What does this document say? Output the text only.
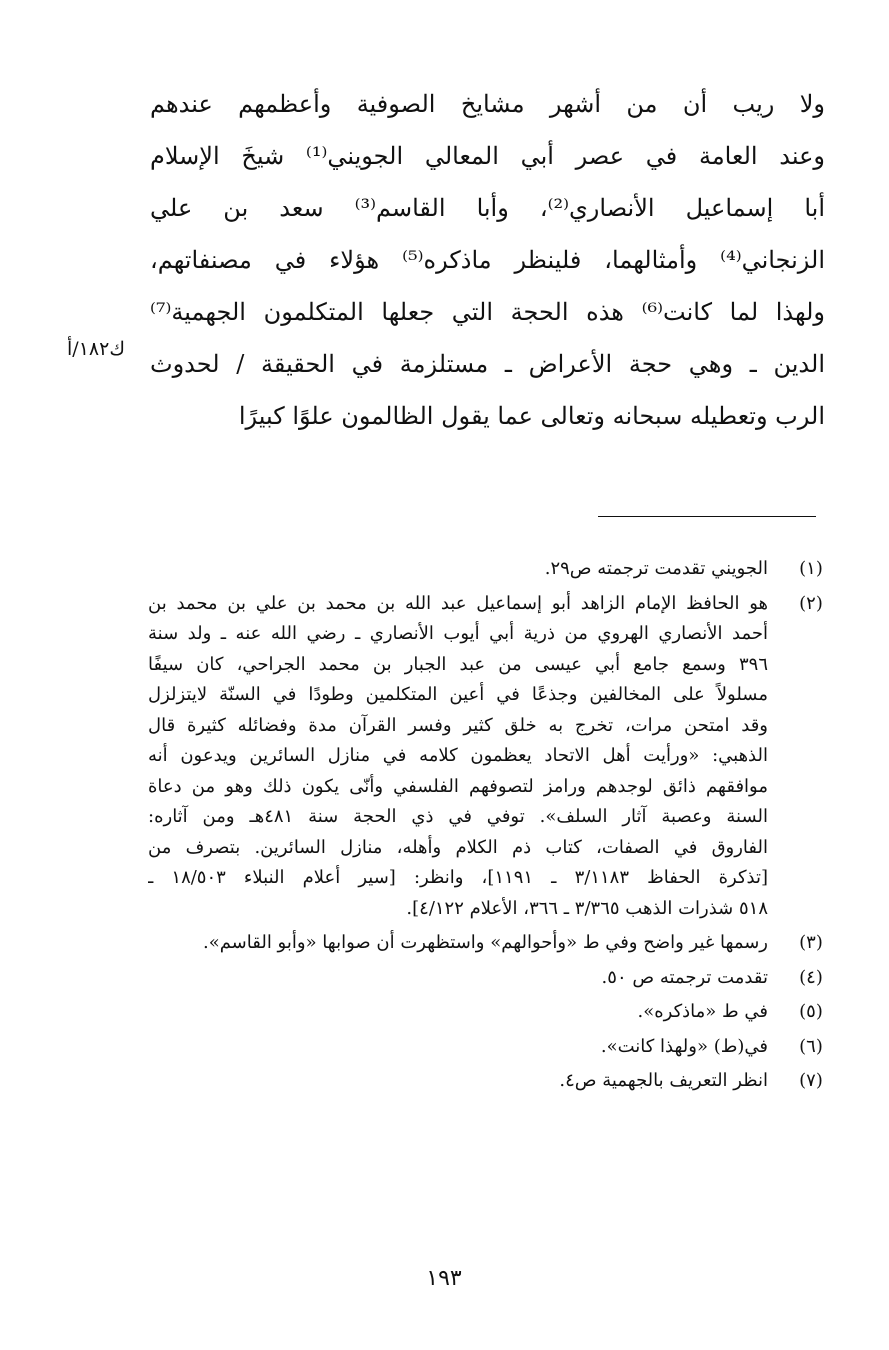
ولا ريب أن من أشهر مشايخ الصوفية وأعظمهم عندهم
وعند العامة في عصر أبي المعالي الجويني⁽¹⁾ شيخَ الإسلام
أبا إسماعيل الأنصاري⁽²⁾، وأبا القاسم⁽³⁾ سعد بن علي
الزنجاني⁽⁴⁾ وأمثالهما، فلينظر ماذكره⁽⁵⁾ هؤلاء في مصنفاتهم،
ولهذا لما كانت⁽⁶⁾ هذه الحجة التي جعلها المتكلمون الجهمية⁽⁷⁾
الدين ـ وهي حجة الأعراض ـ مستلزمة في الحقيقة / لحدوث
الرب وتعطيله سبحانه وتعالى عما يقول الظالمون علوًا كبيرًا
ك١٨٢/أ
(١)
الجويني تقدمت ترجمته ص٢٩.
(٢)
هو الحافظ الإمام الزاهد أبو إسماعيل عبد الله بن محمد بن علي بن محمد بن
أحمد الأنصاري الهروي من ذرية أبي أيوب الأنصاري ـ رضي الله عنه ـ ولد سنة
٣٩٦ وسمع جامع أبي عيسى من عبد الجبار بن محمد الجراحي، كان سيفًا
مسلولاً على المخالفين وجذعًا في أعين المتكلمين وطودًا في السنّة لايتزلزل
وقد امتحن مرات، تخرج به خلق كثير وفسر القرآن مدة وفضائله كثيرة قال
الذهبي: «ورأيت أهل الاتحاد يعظمون كلامه في منازل السائرين ويدعون أنه
موافقهم ذائق لوجدهم ورامز لتصوفهم الفلسفي وأنّى يكون ذلك وهو من دعاة
السنة وعصبة آثار السلف». توفي في ذي الحجة سنة ٤٨١هـ ومن آثاره:
الفاروق في الصفات، كتاب ذم الكلام وأهله، منازل السائرين. بتصرف من
[تذكرة الحفاظ ٣/١١٨٣ ـ ١١٩١]، وانظر: [سير أعلام النبلاء ١٨/٥٠٣ ـ
٥١٨ شذرات الذهب ٣/٣٦٥ ـ ٣٦٦، الأعلام ٤/١٢٢].
(٣)
رسمها غير واضح وفي ط «وأحوالهم» واستظهرت أن صوابها «وأبو القاسم».
(٤)
تقدمت ترجمته ص ٥٠.
(٥)
في ط «ماذكره».
(٦)
في(ط) «ولهذا كانت».
(٧)
انظر التعريف بالجهمية ص٤.
١٩٣
